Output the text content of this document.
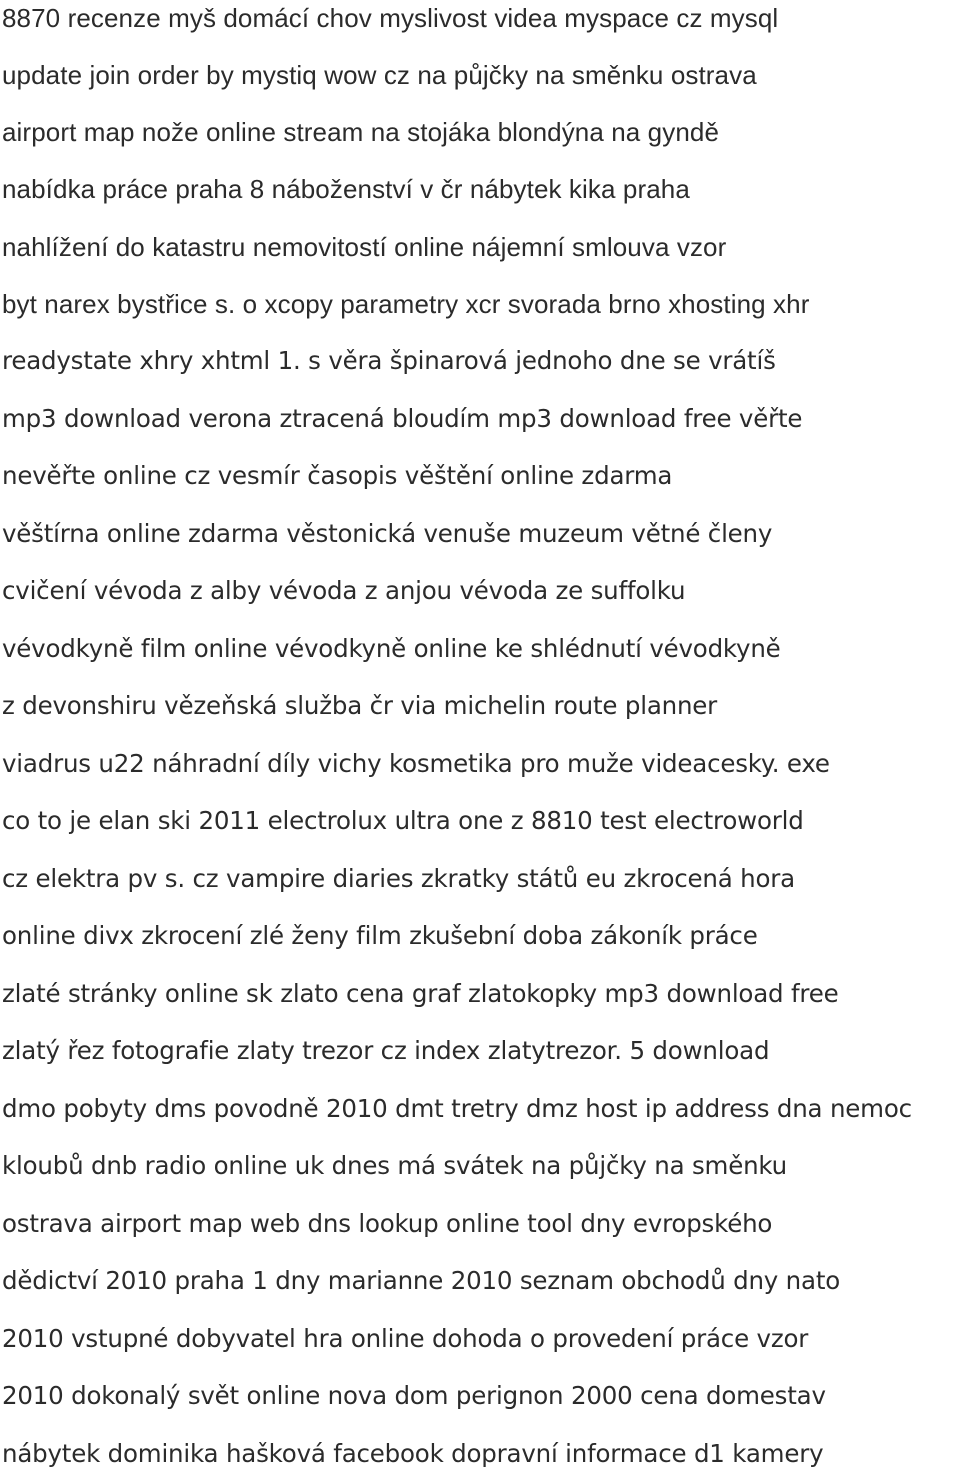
8870 recenze myš domácí chov myslivost videa myspace cz mysql
update join order by mystiq wow cz na půjčky na směnku ostrava
airport map nože online stream na stojáka blondýna na gyndě
nabídka práce praha 8 náboženství v čr nábytek kika praha
nahlížení do katastru nemovitostí online nájemní smlouva vzor
byt narex bystřice s. o xcopy parametry xcr svorada brno xhosting xhr
readystate xhry xhtml 1. s věra špinarová jednoho dne se vrátíš
mp3 download verona ztracená bloudím mp3 download free věřte
nevěřte online cz vesmír časopis věštění online zdarma
věštírna online zdarma věstonická venuše muzeum větné členy
cvičení vévoda z alby vévoda z anjou vévoda ze suffolku
vévodkyně film online vévodkyně online ke shlédnutí vévodkyně
z devonshiru vězeňská služba čr via michelin route planner
viadrus u22 náhradní díly vichy kosmetika pro muže videacesky. exe
co to je elan ski 2011 electrolux ultra one z 8810 test electroworld
cz elektra pv s. cz vampire diaries zkratky států eu zkrocená hora
online divx zkrocení zlé ženy film zkušební doba zákoník práce
zlaté stránky online sk zlato cena graf zlatokopky mp3 download free
zlatý řez fotografie zlaty trezor cz index zlatytrezor. 5 download
dmo pobyty dms povodně 2010 dmt tretry dmz host ip address dna nemoc
kloubů dnb radio online uk dnes má svátek na půjčky na směnku
ostrava airport map web dns lookup online tool dny evropského
dědictví 2010 praha 1 dny marianne 2010 seznam obchodů dny nato
2010 vstupné dobyvatel hra online dohoda o provedení práce vzor
2010 dokonalý svět online nova dom perignon 2000 cena domestav
nábytek dominika hašková facebook dopravní informace d1 kamery
